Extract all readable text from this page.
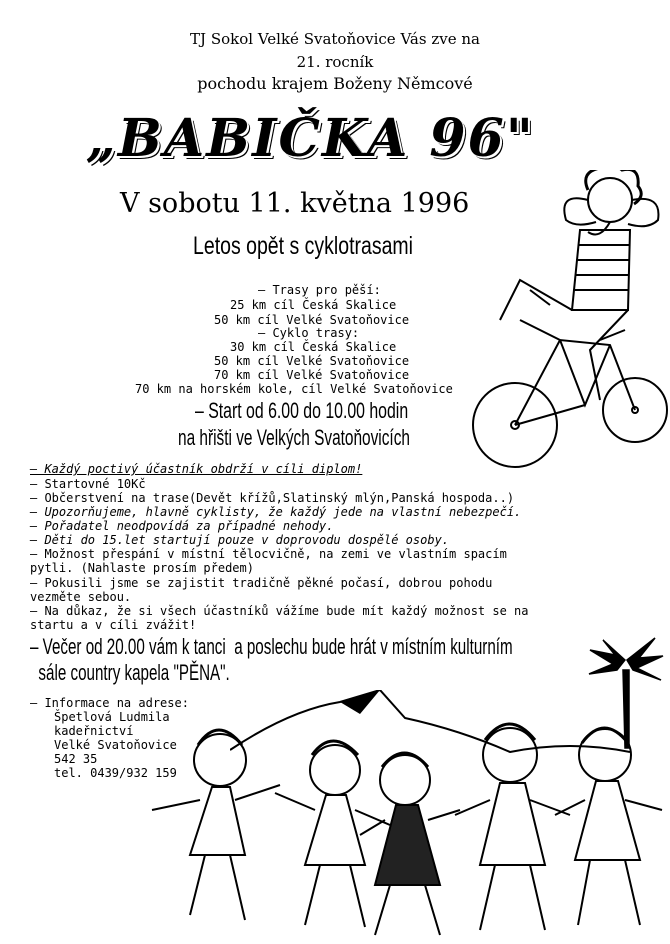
TJ Sokol Velké Svatoňovice Vás zve na
21. rocník
pochodu krajem Boženy Němcové
„BABIČKA 96"
V sobotu 11. května 1996
Letos opět s cyklotrasami
– Trasy pro pěší:
25 km cíl Česká Skalice
50 km cíl Velké Svatoňovice
– Cyklo trasy:
30 km cíl Česká Skalice
50 km cíl Velké Svatoňovice
70 km cíl Velké Svatoňovice
70 km na horském kole, cíl Velké Svatoňovice
– Start od 6.00 do 10.00 hodin
na hřišti ve Velkých Svatoňovicích
– Každý poctivý účastník obdrží v cíli diplom!
– Startovné 10Kč
– Občerstvení na trase(Devět křížů,Slatinský mlýn,Panská hospoda..)
– Upozorňujeme, hlavně cyklisty, že každý jede na vlastní nebezpečí.
– Pořadatel neodpovídá za případné nehody.
– Děti do 15.let startují pouze v doprovodu dospělé osoby.
– Možnost přespání v místní tělocvičně, na zemi ve vlastním spacím
pytli. (Nahlaste prosím předem)
– Pokusili jsme se zajistit tradičně pěkné počasí, dobrou pohodu
vezměte sebou.
– Na důkaz, že si všech účastníků vážíme bude mít každý možnost se na
startu a v cíli zvážit!
– Večer od 20.00 vám k tanci  a poslechu bude hrát v místním kulturním
sále country kapela "PĚNA".
– Informace na adrese:
Špetlová Ludmila
kadeřnictví
Velké Svatoňovice
542 35
tel. 0439/932 159
